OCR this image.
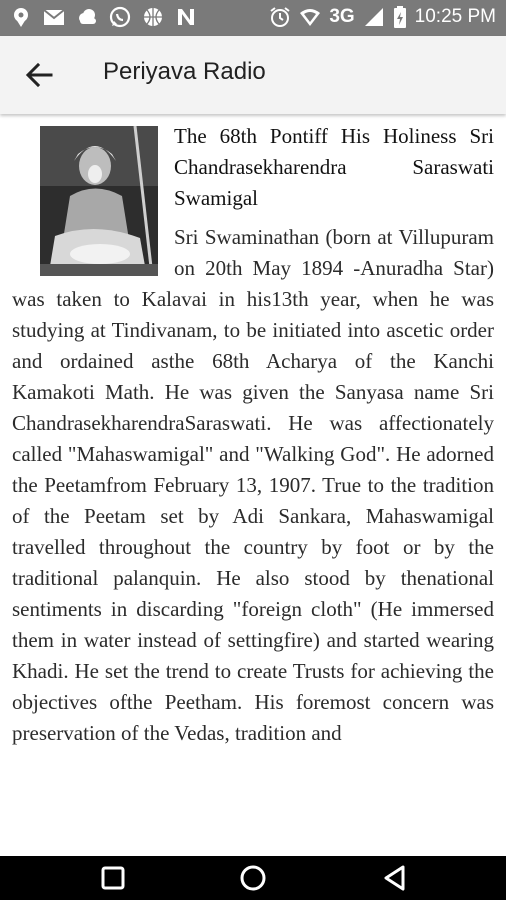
3G	10:25 PM
Periyava Radio
The 68th Pontiff His Holiness Sri Chandrasekharendra Saraswati Swamigal

Sri Swaminathan (born at Villupuram on 20th May 1894 -Anuradha Star) was taken to Kalavai in his13th year, when he was studying at Tindivanam, to be initiated into ascetic order and ordained asthe 68th Acharya of the Kanchi Kamakoti Math. He was given the Sanyasa name Sri ChandrasekharendraSaraswati. He was affectionately called "Mahaswamigal" and "Walking God". He adorned the Peetamfrom February 13, 1907. True to the tradition of the Peetam set by Adi Sankara, Mahaswamigal travelled throughout the country by foot or by the traditional palanquin. He also stood by thenational sentiments in discarding "foreign cloth" (He immersed them in water instead of settingfire) and started wearing Khadi. He set the trend to create Trusts for achieving the objectives ofthe Peetham. His foremost concern was preservation of the Vedas, tradition and
